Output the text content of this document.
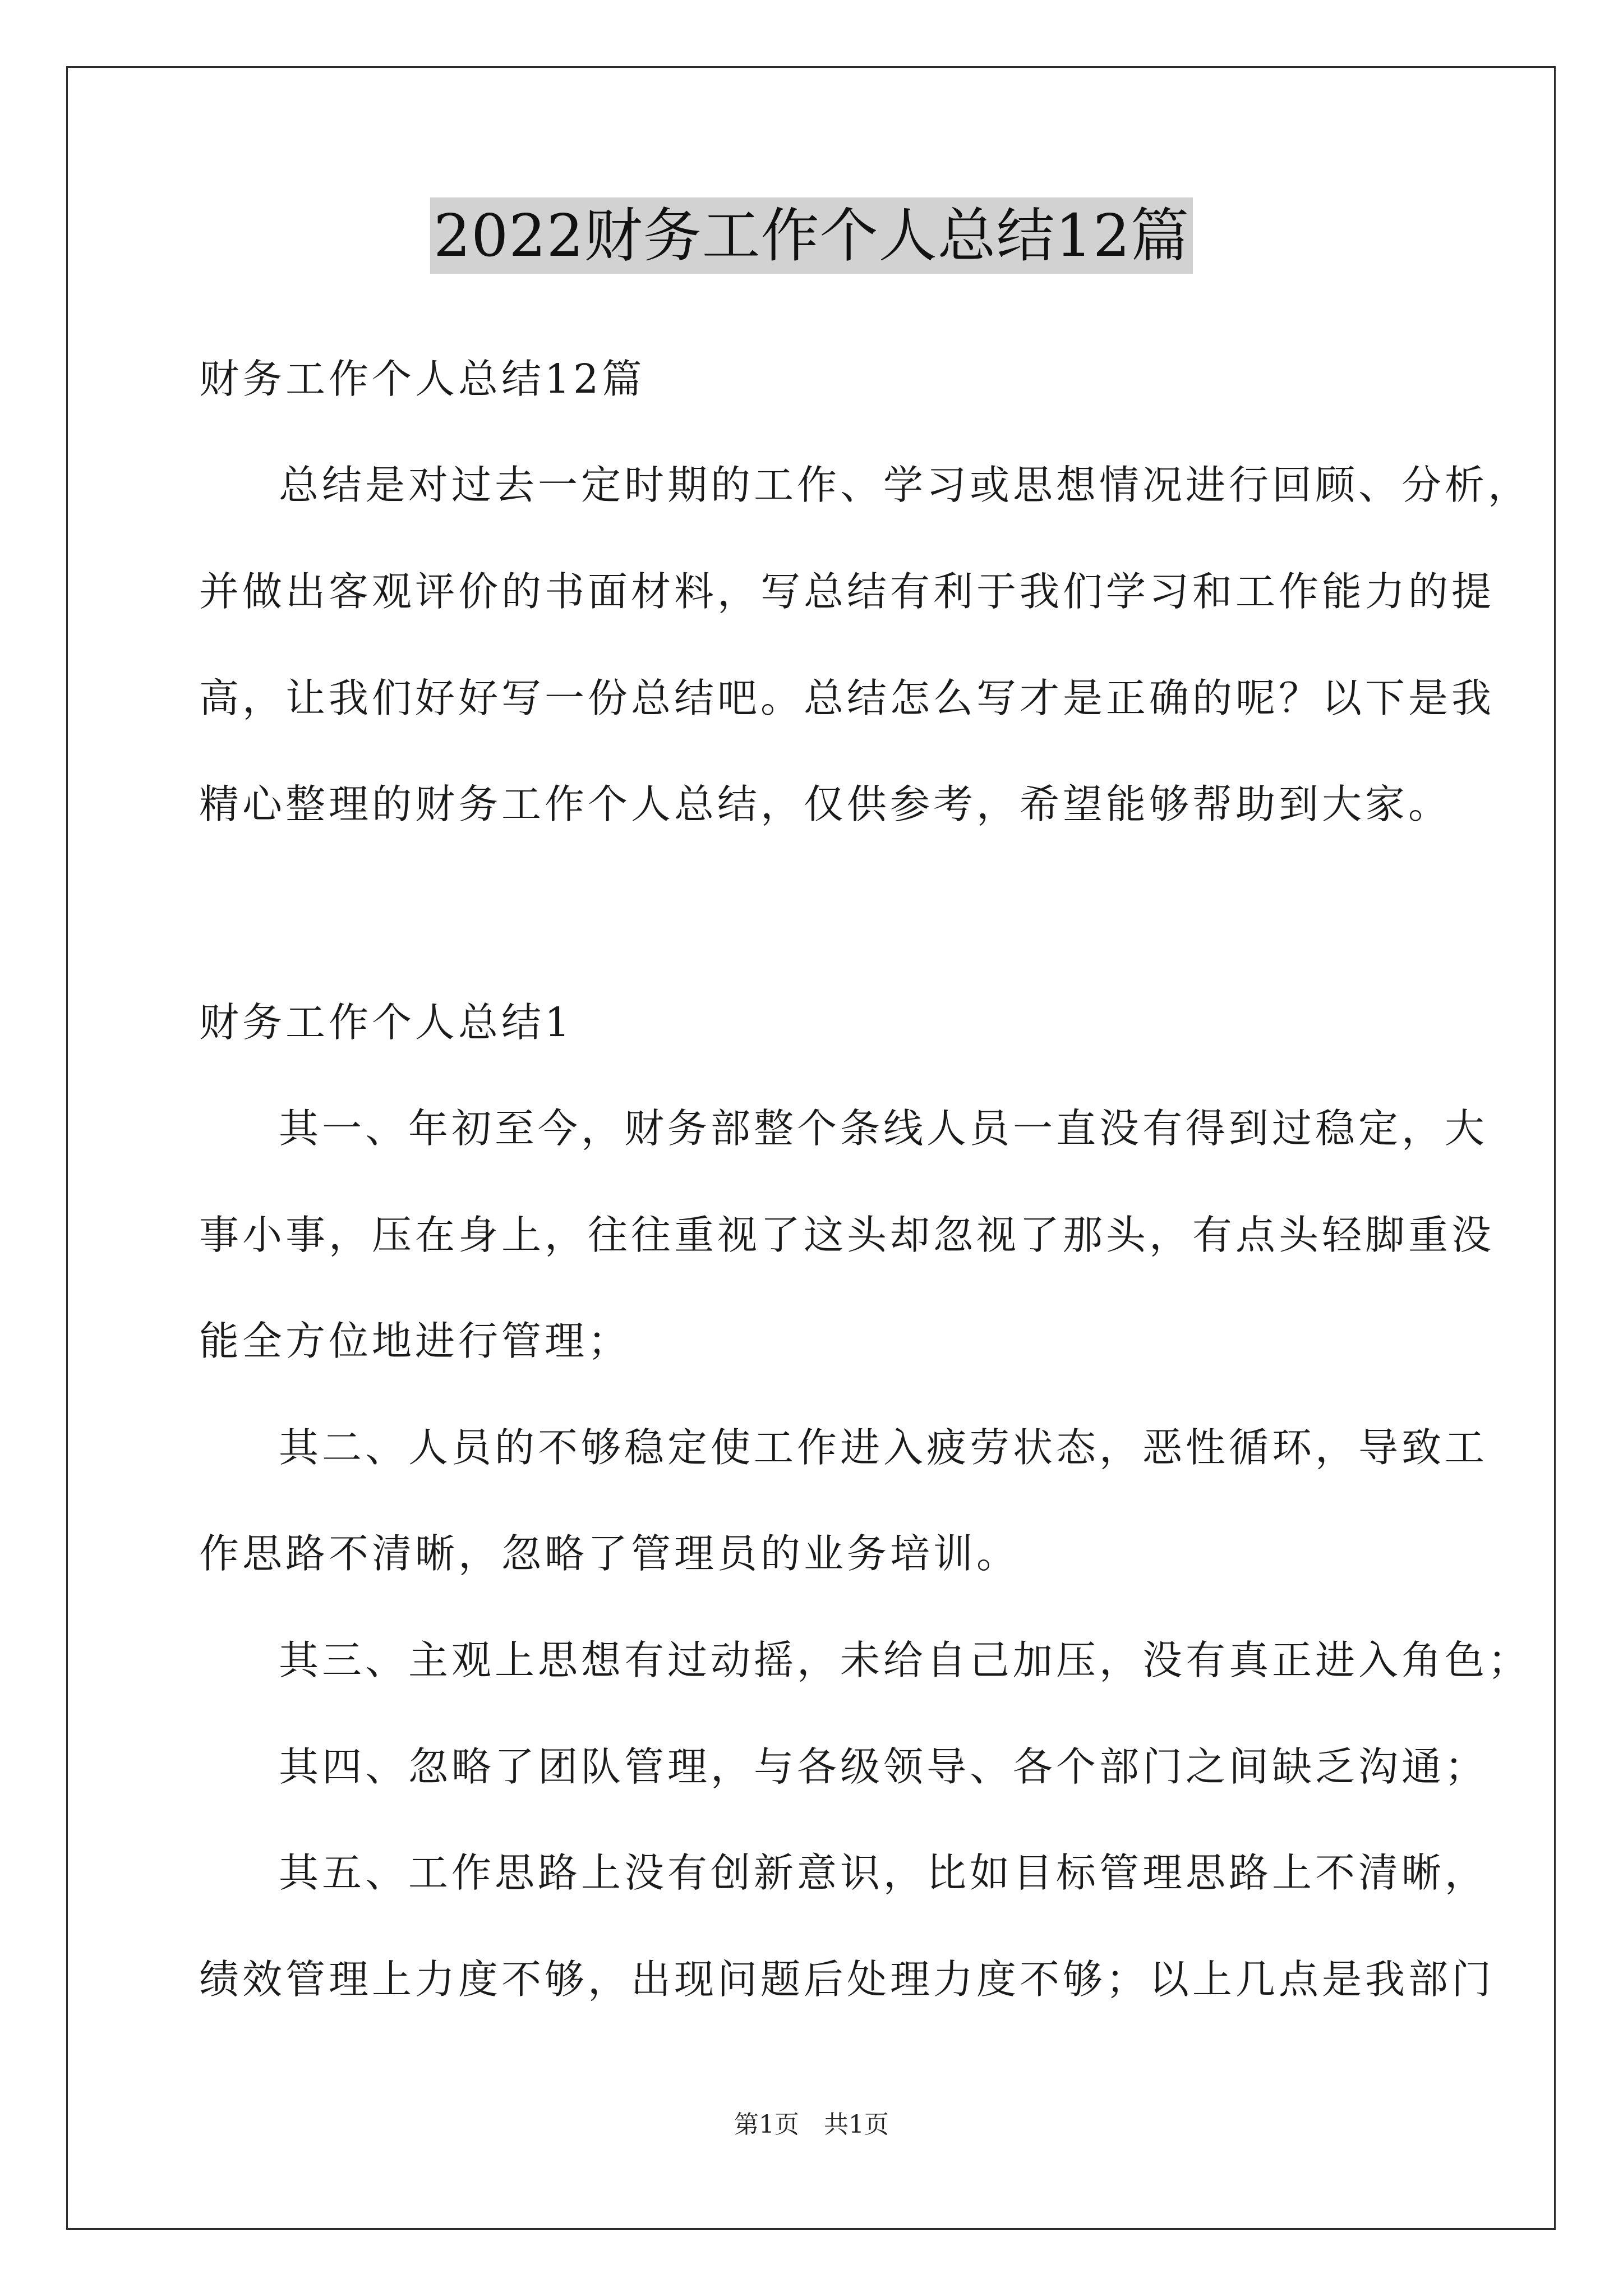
2022财务工作个人总结12篇
财务工作个人总结12篇
总结是对过去一定时期的工作、学习或思想情况进行回顾、分析，
并做出客观评价的书面材料，写总结有利于我们学习和工作能力的提
高，让我们好好写一份总结吧。总结怎么写才是正确的呢？以下是我
精心整理的财务工作个人总结，仅供参考，希望能够帮助到大家。
财务工作个人总结1
其一、年初至今，财务部整个条线人员一直没有得到过稳定，大
事小事，压在身上，往往重视了这头却忽视了那头，有点头轻脚重没
能全方位地进行管理；
其二、人员的不够稳定使工作进入疲劳状态，恶性循环，导致工
作思路不清晰，忽略了管理员的业务培训。
其三、主观上思想有过动摇，未给自己加压，没有真正进入角色；
其四、忽略了团队管理，与各级领导、各个部门之间缺乏沟通；
其五、工作思路上没有创新意识，比如目标管理思路上不清晰，
绩效管理上力度不够，出现问题后处理力度不够；以上几点是我部门
第1页 共1页
